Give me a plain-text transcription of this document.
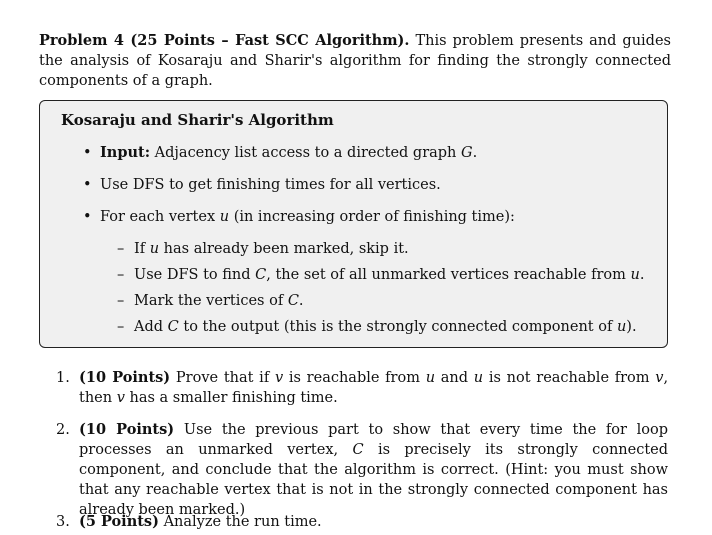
Problem 4 (25 Points – Fast SCC Algorithm). This problem presents and guides the analysis of Kosaraju and Sharir's algorithm for finding the strongly connected components of a graph.
Kosaraju and Sharir's Algorithm
• Input: Adjacency list access to a directed graph G.
• Use DFS to get finishing times for all vertices.
• For each vertex u (in increasing order of finishing time):
– If u has already been marked, skip it.
– Use DFS to find C, the set of all unmarked vertices reachable from u.
– Mark the vertices of C.
– Add C to the output (this is the strongly connected component of u).
1. (10 Points) Prove that if v is reachable from u and u is not reachable from v, then v has a smaller finishing time.
2. (10 Points) Use the previous part to show that every time the for loop processes an unmarked vertex, C is precisely its strongly connected component, and conclude that the algorithm is correct. (Hint: you must show that any reachable vertex that is not in the strongly connected component has already been marked.)
3. (5 Points) Analyze the run time.
